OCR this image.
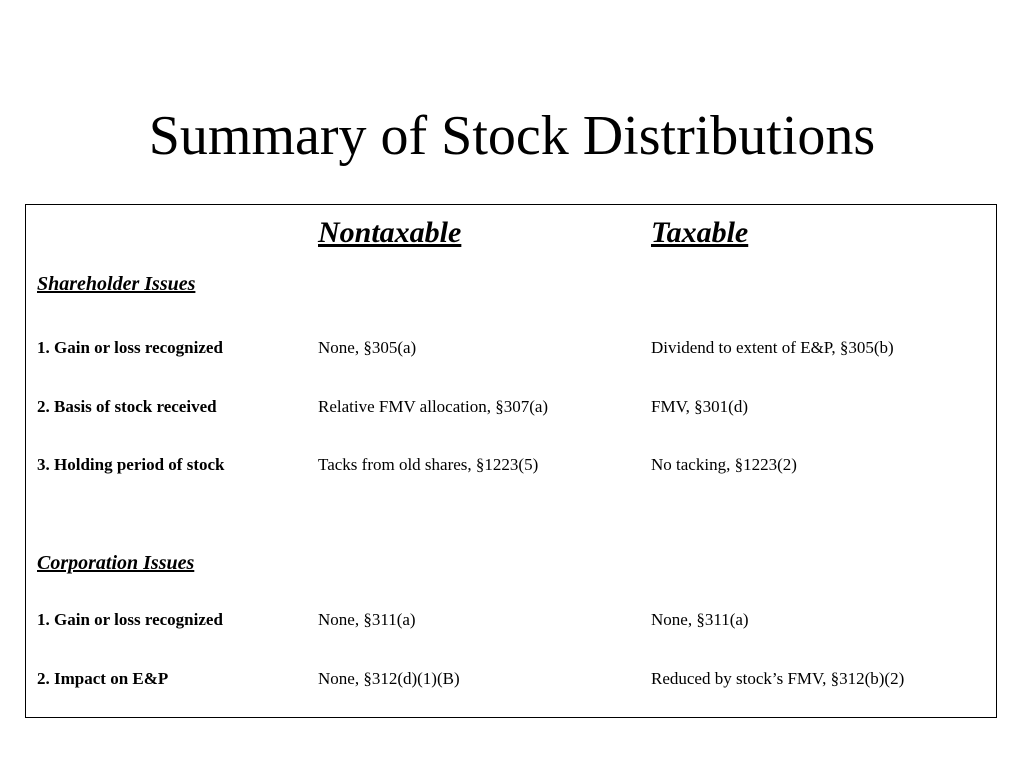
Summary of Stock Distributions
Nontaxable	Taxable
Shareholder Issues
1. Gain or loss recognized	None, §305(a)	Dividend to extent of E&P, §305(b)
2. Basis of stock received	Relative FMV allocation, §307(a)	FMV, §301(d)
3. Holding period of stock	Tacks from old shares, §1223(5)	No tacking, §1223(2)
Corporation Issues
1. Gain or loss recognized	None, §311(a)	None, §311(a)
2. Impact on E&P	None, §312(d)(1)(B)	Reduced by stock’s FMV, §312(b)(2)
